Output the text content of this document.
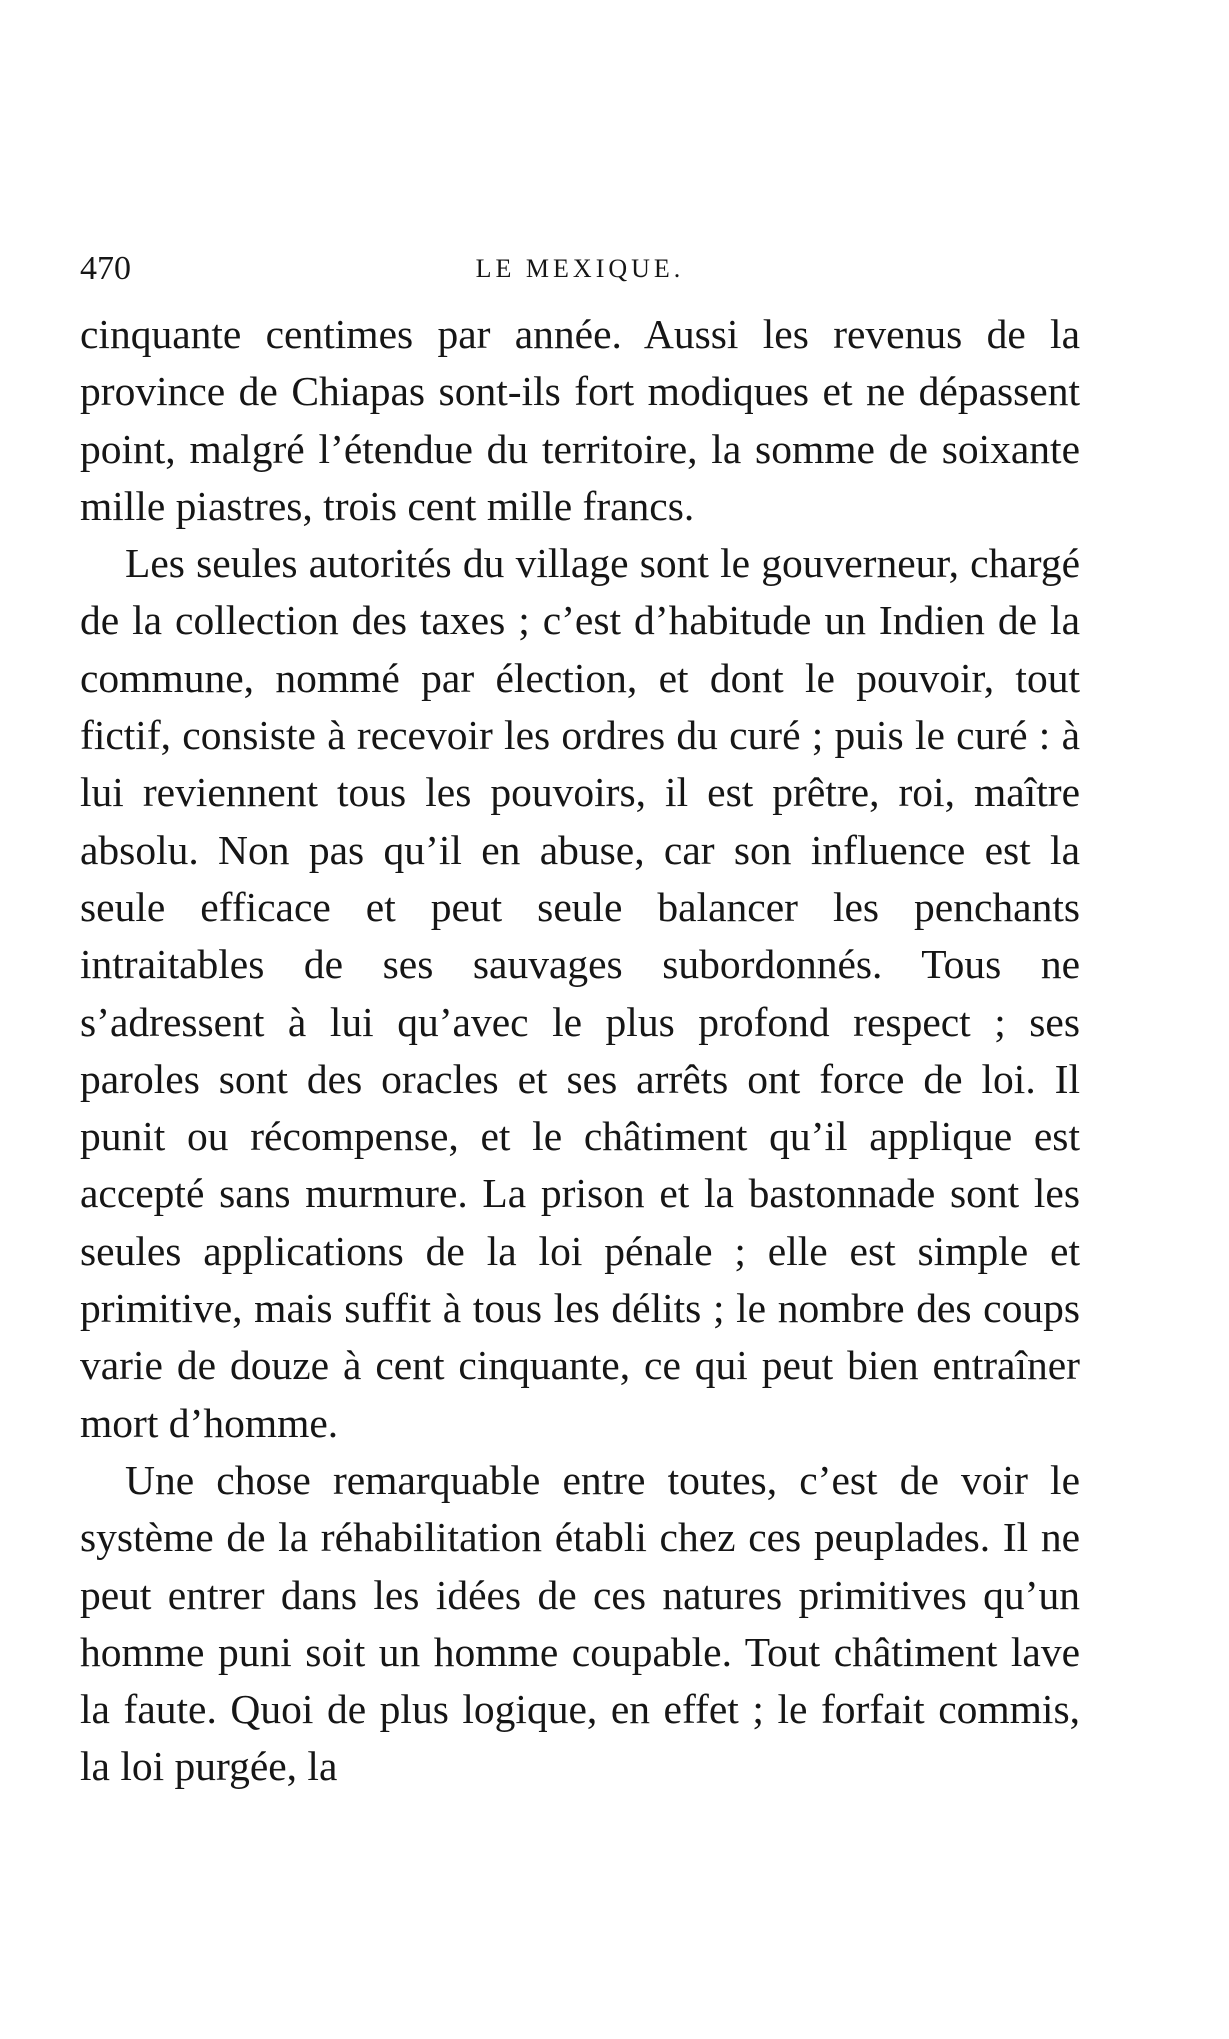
470	LE MEXIQUE.

cinquante centimes par année. Aussi les revenus de la province de Chiapas sont-ils fort modiques et ne dépassent point, malgré l’étendue du territoire, la somme de soixante mille piastres, trois cent mille francs.

Les seules autorités du village sont le gouverneur, chargé de la collection des taxes ; c’est d’habitude un Indien de la commune, nommé par élection, et dont le pouvoir, tout fictif, consiste à recevoir les ordres du curé ; puis le curé : à lui reviennent tous les pouvoirs, il est prêtre, roi, maître absolu. Non pas qu’il en abuse, car son influence est la seule efficace et peut seule balancer les penchants intraitables de ses sauvages subordonnés. Tous ne s’adressent à lui qu’avec le plus profond respect ; ses paroles sont des oracles et ses arrêts ont force de loi. Il punit ou récompense, et le châtiment qu’il applique est accepté sans murmure. La prison et la bastonnade sont les seules applications de la loi pénale ; elle est simple et primitive, mais suffit à tous les délits ; le nombre des coups varie de douze à cent cinquante, ce qui peut bien entraîner mort d’homme.

Une chose remarquable entre toutes, c’est de voir le système de la réhabilitation établi chez ces peuplades. Il ne peut entrer dans les idées de ces natures primitives qu’un homme puni soit un homme coupable. Tout châtiment lave la faute. Quoi de plus logique, en effet ; le forfait commis, la loi purgée, la
